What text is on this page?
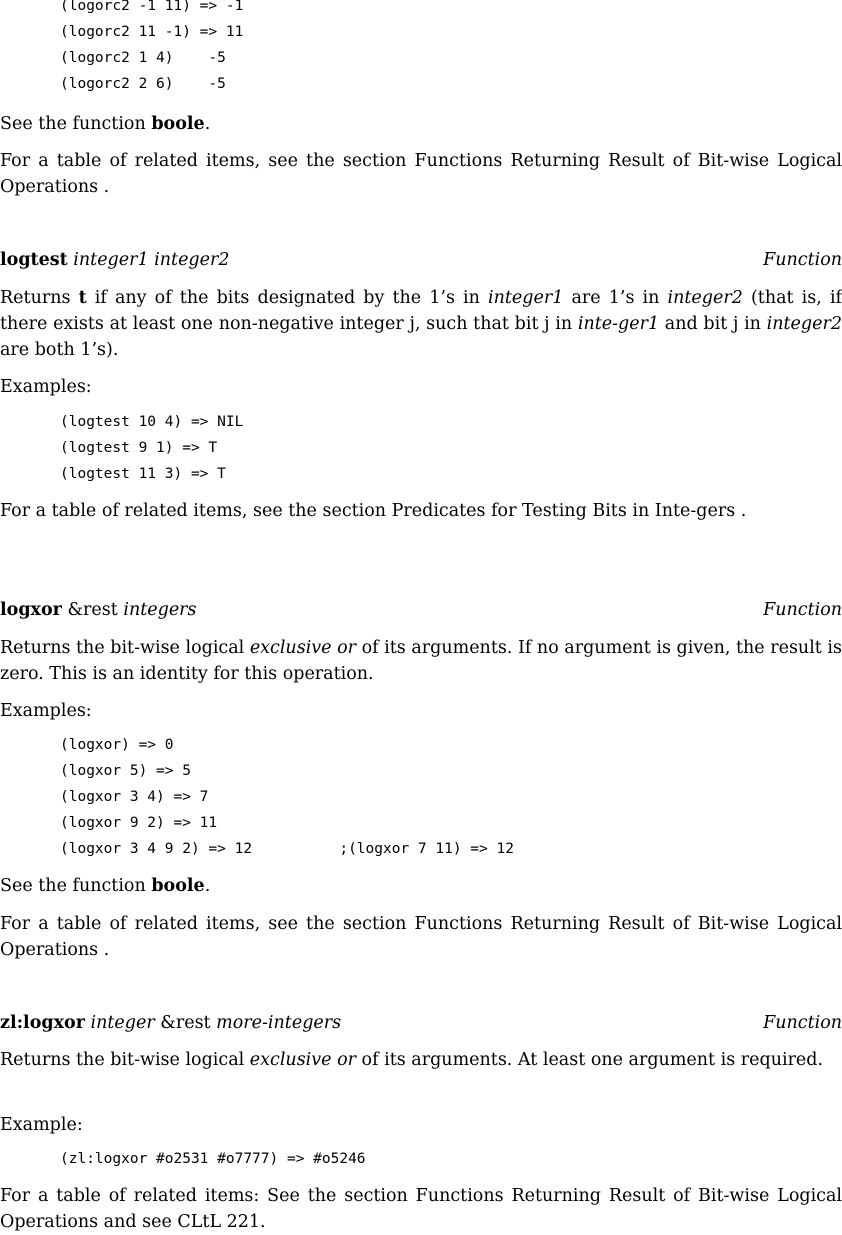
(logorc2 -1 11) => -1
(logorc2 11 -1) => 11
(logorc2 1 4)    -5
(logorc2 2 6)    -5

See the function boole.

For a table of related items, see the section Functions Returning Result of Bit-wise Logical Operations .

logtest integer1 integer2	Function

Returns t if any of the bits designated by the 1’s in integer1 are 1’s in integer2 (that is, if there exists at least one non-negative integer j, such that bit j in inte-ger1 and bit j in integer2 are both 1’s).

Examples:

(logtest 10 4) => NIL
(logtest 9 1) => T
(logtest 11 3) => T

For a table of related items, see the section Predicates for Testing Bits in Inte-gers .

logxor &rest integers	Function

Returns the bit-wise logical exclusive or of its arguments. If no argument is given, the result is zero. This is an identity for this operation.

Examples:

(logxor) => 0
(logxor 5) => 5
(logxor 3 4) => 7
(logxor 9 2) => 11
(logxor 3 4 9 2) => 12          ;(logxor 7 11) => 12

See the function boole.

For a table of related items, see the section Functions Returning Result of Bit-wise Logical Operations .

zl:logxor integer &rest more-integers	Function

Returns the bit-wise logical exclusive or of its arguments. At least one argument is required.

Example:

(zl:logxor #o2531 #o7777) => #o5246

For a table of related items: See the section Functions Returning Result of Bit-wise Logical Operations and see CLtL 221.
